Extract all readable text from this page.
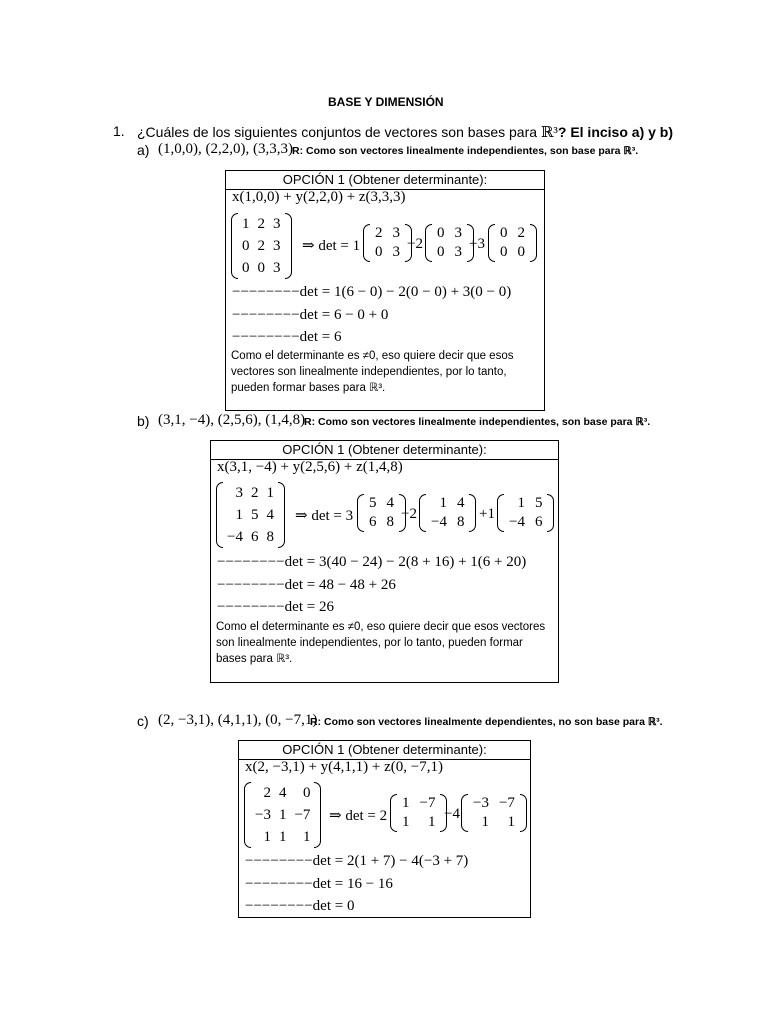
BASE Y DIMENSIÓN
1. ¿Cuáles de los siguientes conjuntos de vectores son bases para ℝ³? El inciso a) y b)
a) (1,0,0), (2,2,0), (3,3,3) R: Como son vectores linealmente independientes, son base para ℝ³.
OPCIÓN 1 (Obtener determinante):
x(1,0,0) + y(2,2,0) + z(3,3,3)
1	2	3
0	2	3
0	0	3
⇒ det = 1
2	3
0	3 −2
0	3
0	3 +3
0	2
0	0
−−−−−−−−det = 1(6 − 0) − 2(0 − 0) + 3(0 − 0)
−−−−−−−−det = 6 − 0 + 0
−−−−−−−−det = 6
Como el determinante es ≠0, eso quiere decir que esos vectores son linealmente independientes, por lo tanto, pueden formar bases para ℝ³.
b) (3,1, −4), (2,5,6), (1,4,8)
R: Como son vectores linealmente independientes, son base para ℝ³.
OPCIÓN 1 (Obtener determinante):
x(3,1, −4) + y(2,5,6) + z(1,4,8)
3	2	1
1	5	4
−4	6	8
⇒ det = 3
5	4
6	8 −2
1	4
−4	8 +1
1	5
−4	6
−−−−−−−−det = 3(40 − 24) − 2(8 + 16) + 1(6 + 20)
−−−−−−−−det = 48 − 48 + 26
−−−−−−−−det = 26
Como el determinante es ≠0, eso quiere decir que esos vectores son linealmente independientes, por lo tanto, pueden formar bases para ℝ³.
c) (2, −3,1), (4,1,1), (0, −7,1)
R: Como son vectores linealmente dependientes, no son base para ℝ³.
OPCIÓN 1 (Obtener determinante):
x(2, −3,1) + y(4,1,1) + z(0, −7,1)
2	4	0
−3	1	−7
1	1	1
⇒ det = 2
1	−7
1	1 −4
−3	−7
1	1
−−−−−−−−det = 2(1 + 7) − 4(−3 + 7)
−−−−−−−−det = 16 − 16
−−−−−−−−det = 0
